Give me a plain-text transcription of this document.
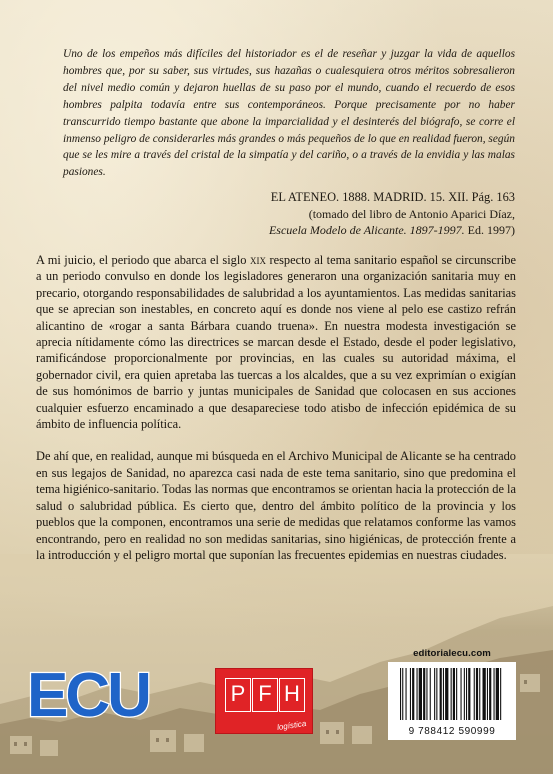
Uno de los empeños más difíciles del historiador es el de reseñar y juzgar la vida de aquellos hombres que, por su saber, sus virtudes, sus hazañas o cualesquiera otros méritos sobresalieron del nivel medio común y dejaron huellas de su paso por el mundo, cuando el recuerdo de esos hombres palpita todavía entre sus contemporáneos. Porque precisamente por no haber transcurrido tiempo bastante que abone la imparcialidad y el desinterés del biógrafo, se corre el inmenso peligro de considerarles más grandes o más pequeños de lo que en realidad fueron, según que se les mire a través del cristal de la simpatía y del cariño, o a través de la envidia y las malas pasiones.
EL ATENEO. 1888. MADRID. 15. XII. Pág. 163
(tomado del libro de Antonio Aparici Díaz,
Escuela Modelo de Alicante. 1897-1997. Ed. 1997)

A mi juicio, el periodo que abarca el siglo xix respecto al tema sanitario español se circunscribe a un periodo convulso en donde los legisladores generaron una organización sanitaria muy en precario, otorgando responsabilidades de salubridad a los ayuntamientos. Las medidas sanitarias que se aprecian son inestables, en concreto aquí es donde nos viene al pelo ese castizo refrán alicantino de «rogar a santa Bárbara cuando truena». En nuestra modesta investigación se aprecia nítidamente cómo las directrices se marcan desde el Estado, desde el poder legislativo, ramificándose proporcionalmente por provincias, en las cuales su autoridad máxima, el gobernador civil, era quien apretaba las tuercas a los alcaldes, que a su vez exprimían o exigían de sus homónimos de barrio y juntas municipales de Sanidad que colocasen en sus acciones cualquier esfuerzo encaminado a que desapareciese todo atisbo de infección epidémica de su ámbito de influencia política.

De ahí que, en realidad, aunque mi búsqueda en el Archivo Municipal de Alicante se ha centrado en sus legajos de Sanidad, no aparezca casi nada de este tema sanitario, sino que predomina el tema higiénico-sanitario. Todas las normas que encontramos se orientan hacia la protección de la salud o salubridad pública. Es cierto que, dentro del ámbito político de la provincia y los pueblos que la componen, encontramos una serie de medidas que relatamos conforme las vamos encontrando, pero en realidad no son medidas sanitarias, sino higiénicas, de protección frente a la introducción y el peligro mortal que suponían las frecuentes epidemias en nuestras ciudades.

ECU	P F H
logística
editorialecu.com
9 788412 590999
